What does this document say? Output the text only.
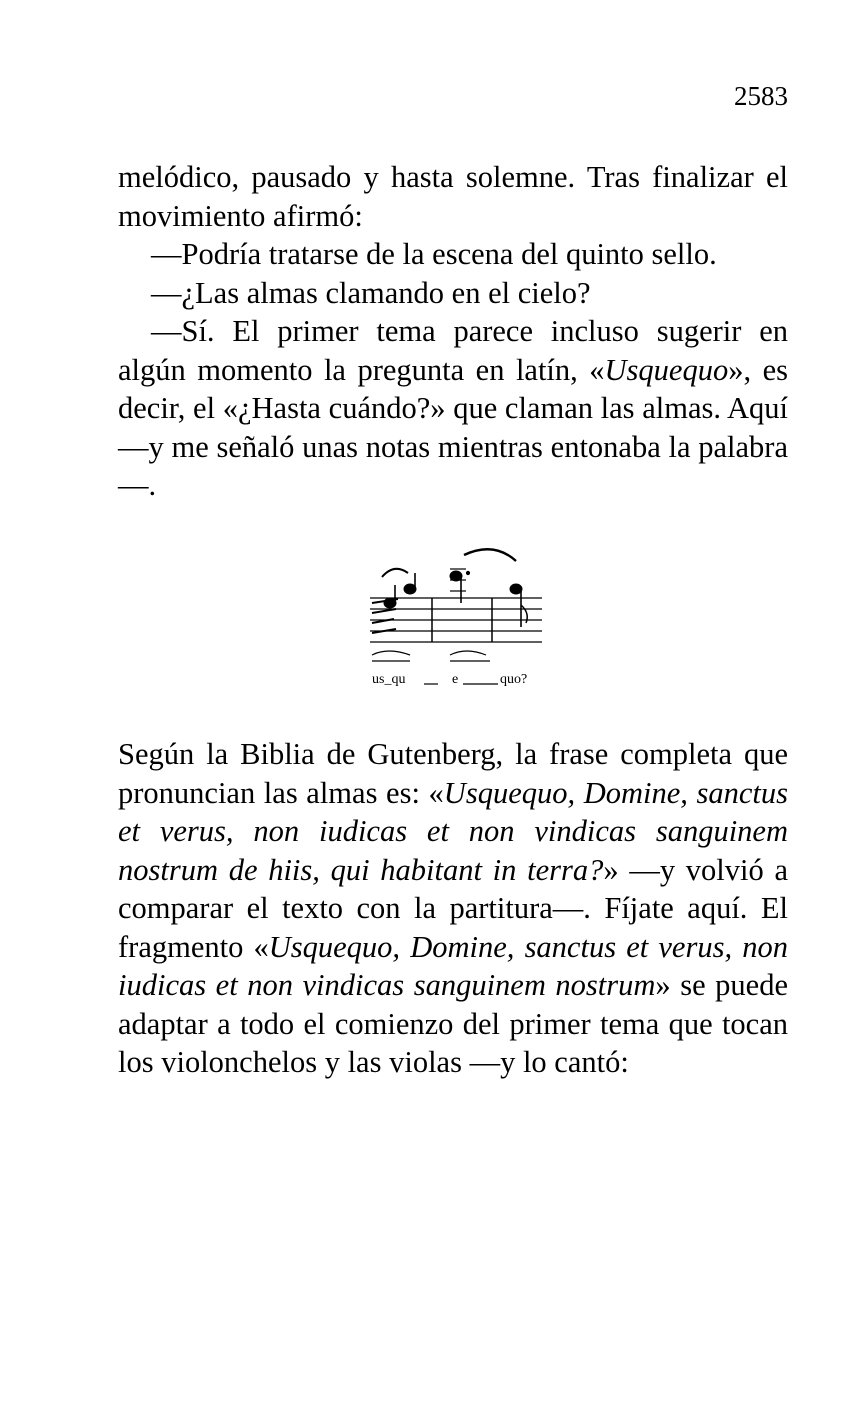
2583

melódico, pausado y hasta solemne. Tras finalizar el movimiento afirmó:

—Podría tratarse de la escena del quinto sello.

—¿Las almas clamando en el cielo?

—Sí. El primer tema parece incluso sugerir en algún momento la pregunta en latín, «Usquequo», es decir, el «¿Hasta cuándo?» que claman las almas. Aquí —y me señaló unas notas mientras entonaba la palabra—.

us_qu	e	quo?

Según la Biblia de Gutenberg, la frase completa que pronuncian las almas es: «Usquequo, Domine, sanctus et verus, non iudicas et non vindicas sanguinem nostrum de hiis, qui habitant in terra?» —y volvió a comparar el texto con la partitura—. Fíjate aquí. El fragmento «Usquequo, Domine, sanctus et verus, non iudicas et non vindicas sanguinem nostrum» se puede adaptar a todo el comienzo del primer tema que tocan los violonchelos y las violas —y lo cantó:
